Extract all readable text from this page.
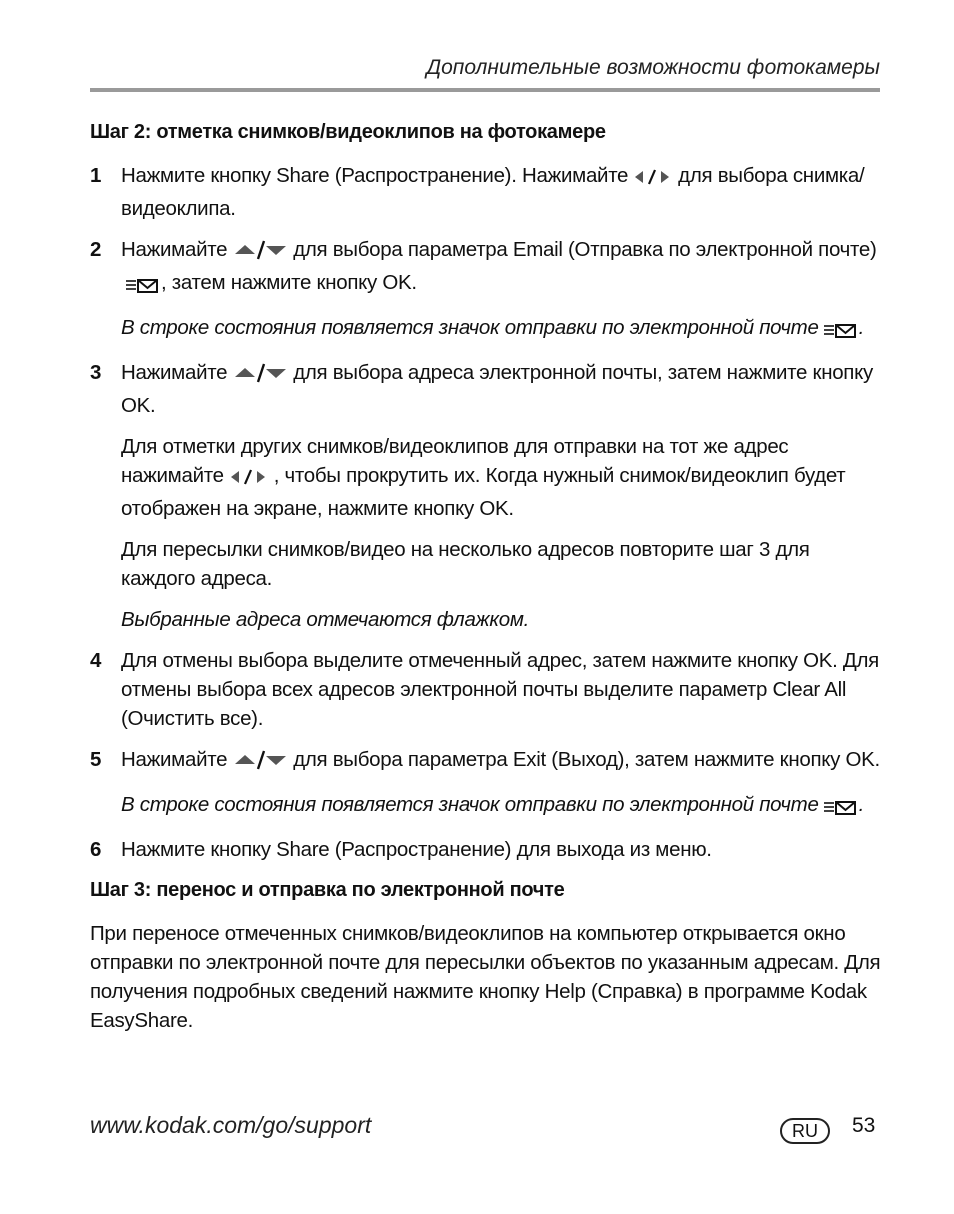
Дополнительные возможности фотокамеры
Шаг 2: отметка снимков/видеоклипов на фотокамере
1 Нажмите кнопку Share (Распространение). Нажимайте для выбора снимка/видеоклипа.
2 Нажимайте	для выбора параметра Email (Отправка по электронной почте), затем нажмите кнопку OK.
В строке состояния появляется значок отправки по электронной почте .
3 Нажимайте	для выбора адреса электронной почты, затем нажмите кнопку OK.
Для отметки других снимков/видеоклипов для отправки на тот же адрес нажимайте , чтобы прокрутить их. Когда нужный снимок/видеоклип будет отображен на экране, нажмите кнопку OK.
Для пересылки снимков/видео на несколько адресов повторите шаг 3 для каждого адреса.
Выбранные адреса отмечаются флажком.
4 Для отмены выбора выделите отмеченный адрес, затем нажмите кнопку OK. Для отмены выбора всех адресов электронной почты выделите параметр Clear All (Очистить все).
5 Нажимайте	для выбора параметра Exit (Выход), затем нажмите кнопку OK.
В строке состояния появляется значок отправки по электронной почте .
6 Нажмите кнопку Share (Распространение) для выхода из меню.
Шаг 3: перенос и отправка по электронной почте

При переносе отмеченных снимков/видеоклипов на компьютер открывается окно отправки по электронной почте для пересылки объектов по указанным адресам. Для получения подробных сведений нажмите кнопку Help (Справка) в программе Kodak EasyShare.

www.kodak.com/go/support	RU	53
